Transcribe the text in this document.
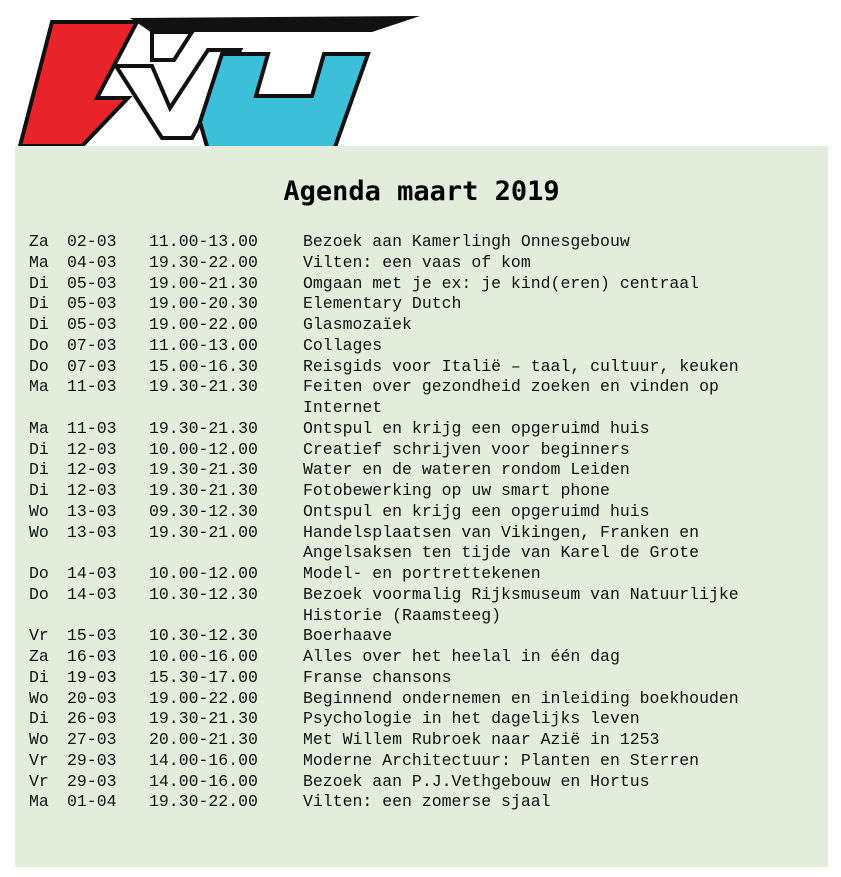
Agenda maart 2019
Za	02-03	11.00-13.00	Bezoek aan Kamerlingh Onnesgebouw
Ma	04-03	19.30-22.00	Vilten: een vaas of kom
Di	05-03	19.00-21.30	Omgaan met je ex: je kind(eren) centraal
Di	05-03	19.00-20.30	Elementary Dutch
Di	05-03	19.00-22.00	Glasmozaïek
Do	07-03	11.00-13.00	Collages
Do	07-03	15.00-16.30	Reisgids voor Italië – taal, cultuur, keuken
Ma	11-03	19.30-21.30	Feiten over gezondheid zoeken en vinden op
Internet
Ma	11-03	19.30-21.30	Ontspul en krijg een opgeruimd huis
Di	12-03	10.00-12.00	Creatief schrijven voor beginners
Di	12-03	19.30-21.30	Water en de wateren rondom Leiden
Di	12-03	19.30-21.30	Fotobewerking op uw smart phone
Wo	13-03	09.30-12.30	Ontspul en krijg een opgeruimd huis
Wo	13-03	19.30-21.00	Handelsplaatsen van Vikingen, Franken en
Angelsaksen ten tijde van Karel de Grote
Do	14-03	10.00-12.00	Model- en portrettekenen
Do	14-03	10.30-12.30	Bezoek voormalig Rijksmuseum van Natuurlijke
Historie (Raamsteeg)
Vr	15-03	10.30-12.30	Boerhaave
Za	16-03	10.00-16.00	Alles over het heelal in één dag
Di	19-03	15.30-17.00	Franse chansons
Wo	20-03	19.00-22.00	Beginnend ondernemen en inleiding boekhouden
Di	26-03	19.30-21.30	Psychologie in het dagelijks leven
Wo	27-03	20.00-21.30	Met Willem Rubroek naar Azië in 1253
Vr	29-03	14.00-16.00	Moderne Architectuur: Planten en Sterren
Vr	29-03	14.00-16.00	Bezoek aan P.J.Vethgebouw en Hortus
Ma	01-04	19.30-22.00	Vilten: een zomerse sjaal
